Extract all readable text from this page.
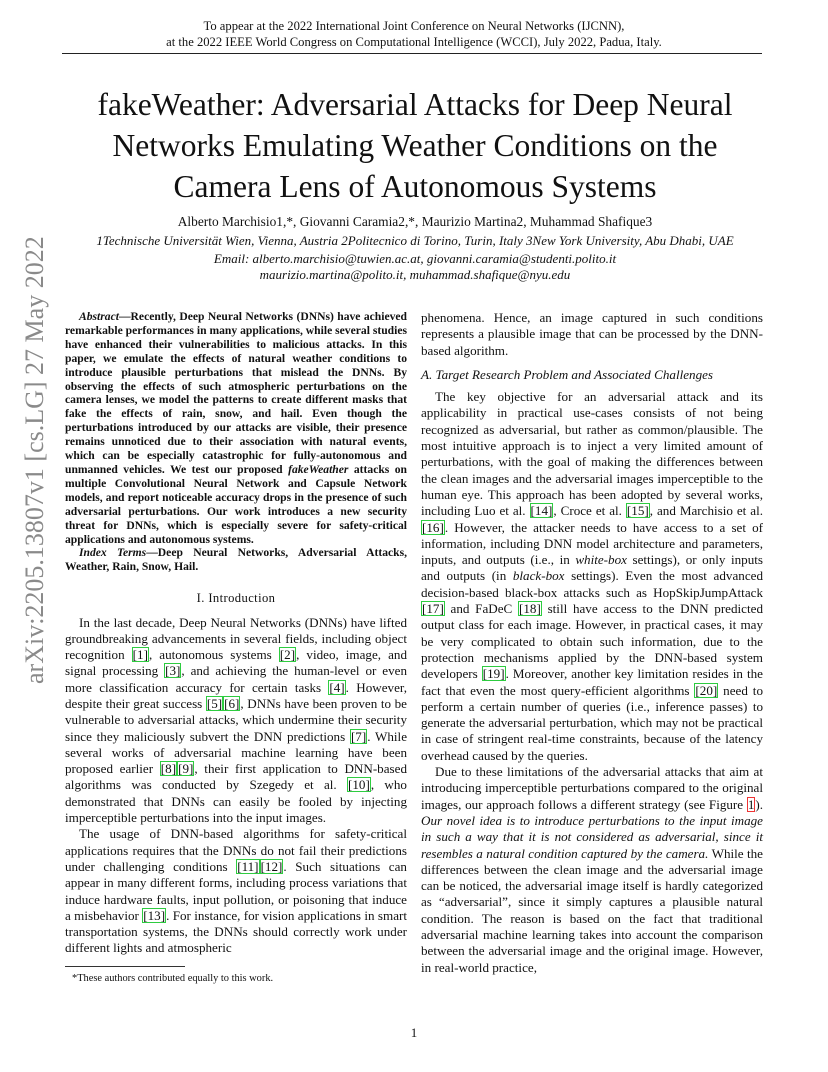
To appear at the 2022 International Joint Conference on Neural Networks (IJCNN),
at the 2022 IEEE World Congress on Computational Intelligence (WCCI), July 2022, Padua, Italy.
fakeWeather: Adversarial Attacks for Deep Neural Networks Emulating Weather Conditions on the Camera Lens of Autonomous Systems
Alberto Marchisio1,*, Giovanni Caramia2,*, Maurizio Martina2, Muhammad Shafique3
1Technische Universität Wien, Vienna, Austria 2Politecnico di Torino, Turin, Italy 3New York University, Abu Dhabi, UAE
Email: alberto.marchisio@tuwien.ac.at, giovanni.caramia@studenti.polito.it
maurizio.martina@polito.it, muhammad.shafique@nyu.edu
arXiv:2205.13807v1 [cs.LG] 27 May 2022	Abstract—Recently, Deep Neural Networks (DNNs) have achieved remarkable performances in many applications, while several studies have enhanced their vulnerabilities to malicious attacks. In this paper, we emulate the effects of natural weather conditions to introduce plausible perturbations that mislead the DNNs. By observing the effects of such atmospheric perturbations on the camera lenses, we model the patterns to create different masks that fake the effects of rain, snow, and hail. Even though the perturbations introduced by our attacks are visible, their presence remains unnoticed due to their association with natural events, which can be especially catastrophic for fully-autonomous and unmanned vehicles. We test our proposed fakeWeather attacks on multiple Convolutional Neural Network and Capsule Network models, and report noticeable accuracy drops in the presence of such adversarial perturbations. Our work introduces a new security threat for DNNs, which is especially severe for safety-critical applications and autonomous systems.

Index Terms—Deep Neural Networks, Adversarial Attacks, Weather, Rain, Snow, Hail.

I. Introduction

In the last decade, Deep Neural Networks (DNNs) have lifted groundbreaking advancements in several fields, including object recognition [1], autonomous systems [2], video, image, and signal processing [3], and achieving the human-level or even more classification accuracy for certain tasks [4]. However, despite their great success [5] [6], DNNs have been proven to be vulnerable to adversarial attacks, which undermine their security since they maliciously subvert the DNN predictions [7]. While several works of adversarial machine learning have been proposed earlier [8] [9], their first application to DNN-based algorithms was conducted by Szegedy et al. [10], who demonstrated that DNNs can easily be fooled by injecting imperceptible perturbations into the input images.

The usage of DNN-based algorithms for safety-critical applications requires that the DNNs do not fail their predictions under challenging conditions [11] [12]. Such situations can appear in many different forms, including process variations that induce hardware faults, input pollution, or poisoning that induce a misbehavior [13]. For instance, for vision applications in smart transportation systems, the DNNs should correctly work under different lights and atmospheric

phenomena. Hence, an image captured in such conditions represents a plausible image that can be processed by the DNN-based algorithm.

A. Target Research Problem and Associated Challenges

The key objective for an adversarial attack and its applicability in practical use-cases consists of not being recognized as adversarial, but rather as common/plausible. The most intuitive approach is to inject a very limited amount of perturbations, with the goal of making the differences between the clean images and the adversarial images imperceptible to the human eye. This approach has been adopted by several works, including Luo et al. [14], Croce et al. [15], and Marchisio et al. [16]. However, the attacker needs to have access to a set of information, including DNN model architecture and parameters, inputs, and outputs (i.e., in white-box settings), or only inputs and outputs (in black-box settings). Even the most advanced decision-based black-box attacks such as HopSkipJumpAttack [17] and FaDeC [18] still have access to the DNN predicted output class for each image. However, in practical cases, it may be very complicated to obtain such information, due to the protection mechanisms applied by the DNN-based system developers [19]. Moreover, another key limitation resides in the fact that even the most query-efficient algorithms [20] need to perform a certain number of queries (i.e., inference passes) to generate the adversarial perturbation, which may not be practical in case of stringent real-time constraints, because of the latency overhead caused by the queries.

Due to these limitations of the adversarial attacks that aim at introducing imperceptible perturbations compared to the original images, our approach follows a different strategy (see Figure 1). Our novel idea is to introduce perturbations to the input image in such a way that it is not considered as adversarial, since it resembles a natural condition captured by the camera. While the differences between the clean image and the adversarial image can be noticed, the adversarial image itself is hardly categorized as “adversarial”, since it simply captures a plausible natural condition. The reason is based on the fact that traditional adversarial machine learning takes into account the comparison between the adversarial image and the original image. However, in real-world practice,

*These authors contributed equally to this work.
1
